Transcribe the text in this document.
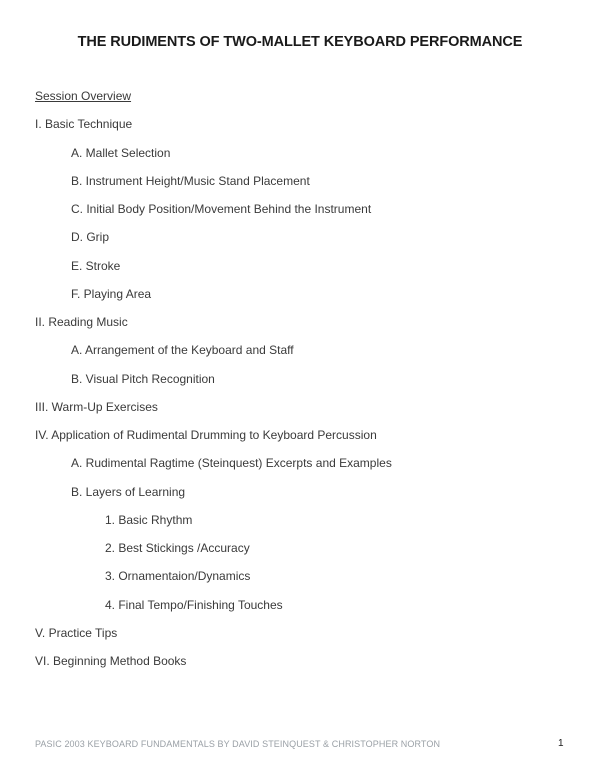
THE RUDIMENTS OF TWO-MALLET KEYBOARD PERFORMANCE
Session Overview
I. Basic Technique
A. Mallet Selection
B. Instrument Height/Music Stand Placement
C. Initial Body Position/Movement Behind the Instrument
D. Grip
E. Stroke
F. Playing Area
II. Reading Music
A. Arrangement of the Keyboard and Staff
B. Visual Pitch Recognition
III. Warm-Up Exercises
IV. Application of Rudimental Drumming to Keyboard Percussion
A. Rudimental Ragtime (Steinquest) Excerpts and Examples
B. Layers of Learning
1. Basic Rhythm
2. Best Stickings /Accuracy
3. Ornamentaion/Dynamics
4. Final Tempo/Finishing Touches
V. Practice Tips
VI. Beginning Method Books
PASIC 2003 KEYBOARD FUNDAMENTALS BY DAVID STEINQUEST & CHRISTOPHER NORTON	1
